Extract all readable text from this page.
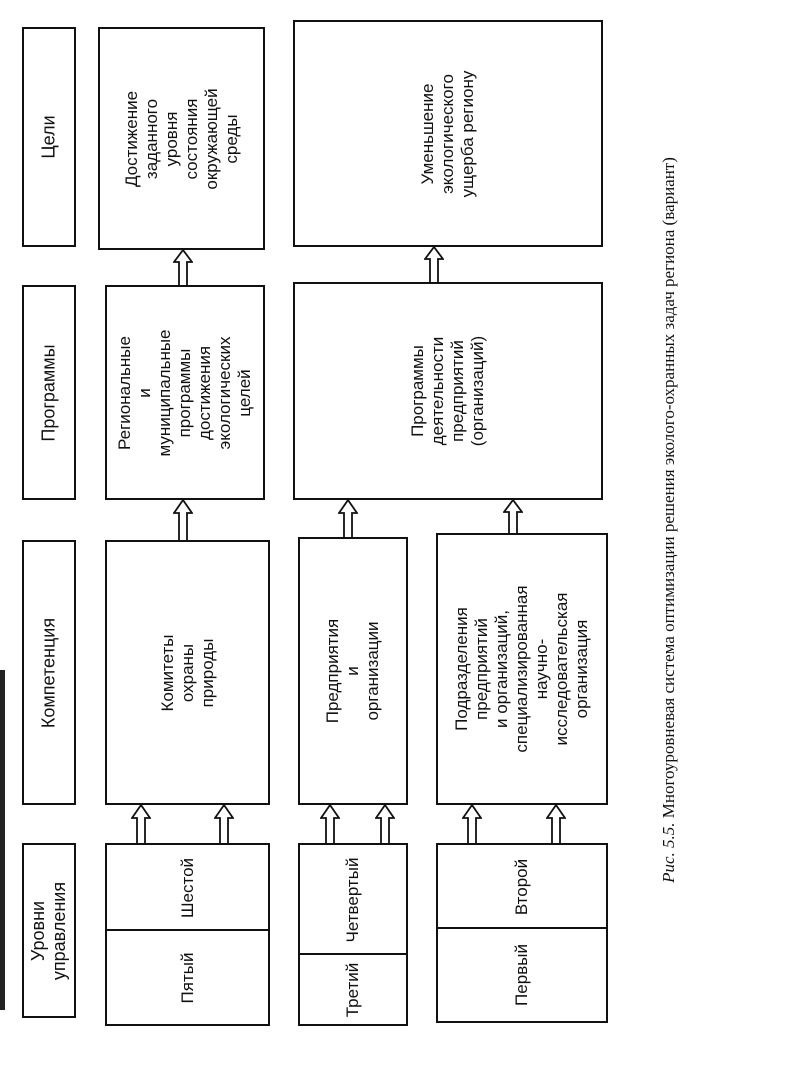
Уровни
управления
Компетенция
Программы
Цели
Шестой
Пятый
Четвертый
Третий
Второй
Первый
Комитеты
охраны
природы	Предприятия
и организации	Подразделения
предприятий
и организаций,
специализированная
научно-исследовательская
организация
Региональные
и муниципальные
программы
достижения
экологических
целей	Программы
деятельности
предприятий
(организаций)
Достижение
заданного уровня
состояния
окружающей
среды	Уменьшение
экологического
ущерба региону
Рис. 5.5. Многоуровневая система оптимизации решения эколого-охранных задач региона (вариант)
